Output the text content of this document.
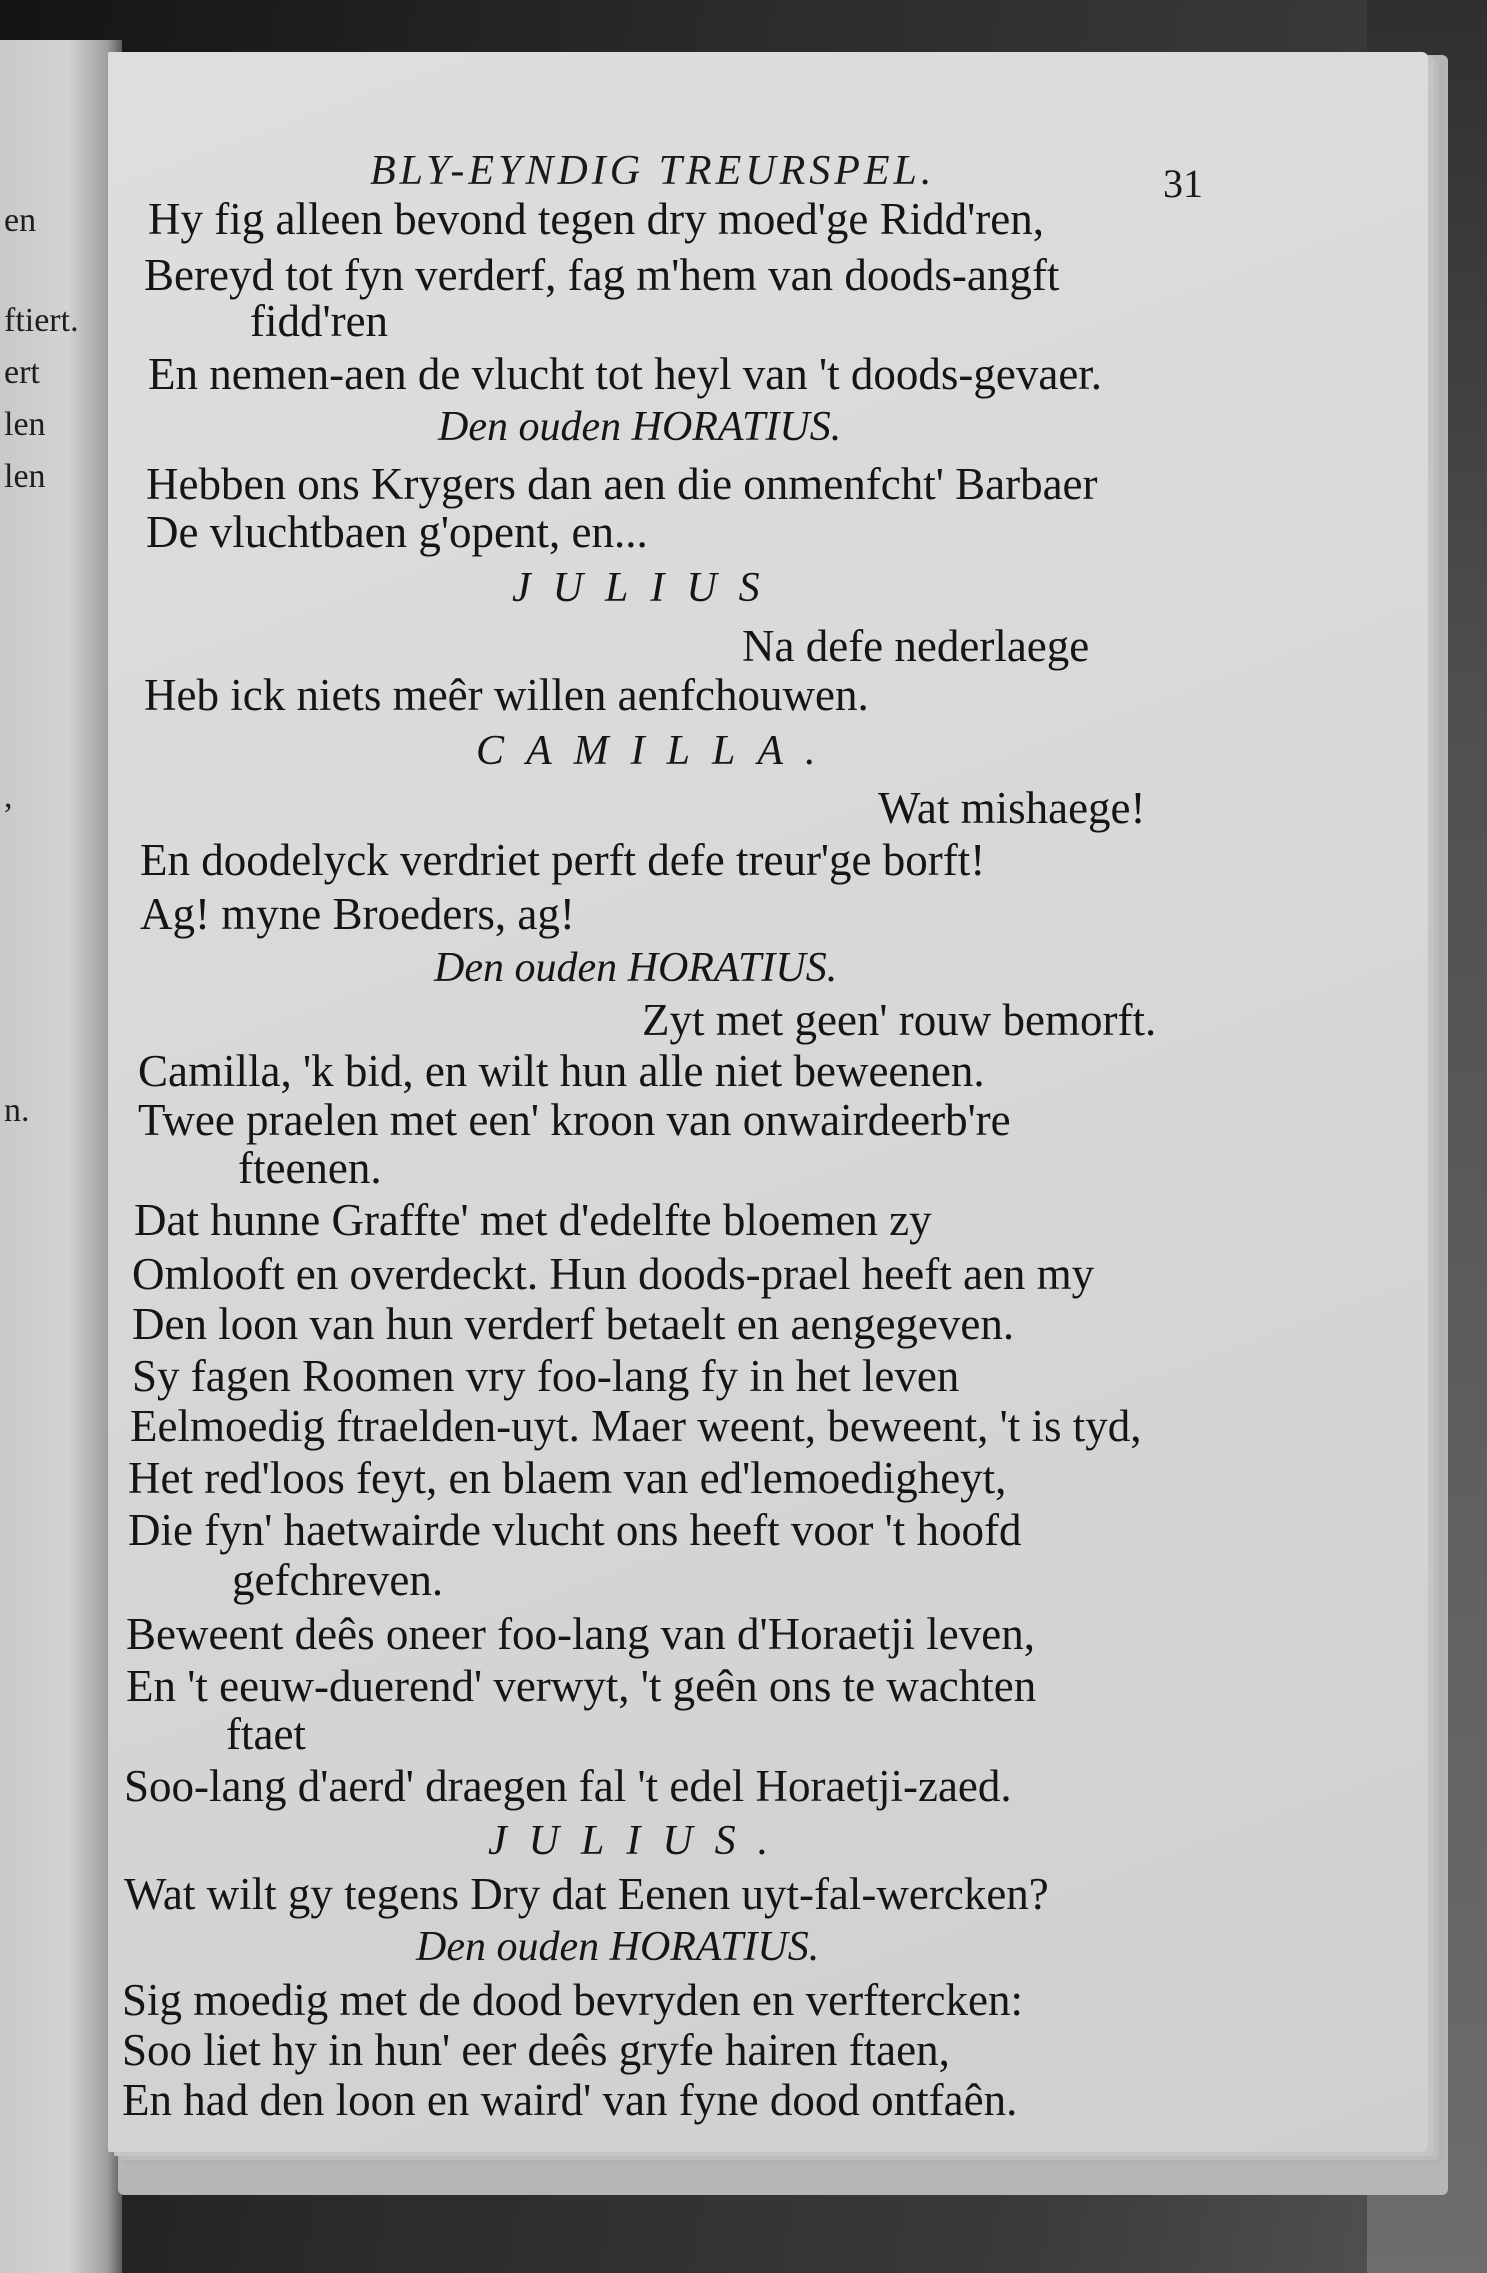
en
ftiert.
ert
len
len
,
n.
BLY-EYNDIG TREURSPEL.	31
Hy fig alleen bevond tegen dry moed'ge Ridd'ren,
Bereyd tot fyn verderf, fag m'hem van doods-angft
fidd'ren
En nemen-aen de vlucht tot heyl van 't doods-gevaer.
Den ouden HORATIUS.
Hebben ons Krygers dan aen die onmenfcht' Barbaer
De vluchtbaen g'opent, en...
JULIUS
Na defe nederlaege
Heb ick niets meêr willen aenfchouwen.
CAMILLA.
Wat mishaege!
En doodelyck verdriet perft defe treur'ge borft!
Ag! myne Broeders, ag!
Den ouden HORATIUS.
Zyt met geen' rouw bemorft.
Camilla, 'k bid, en wilt hun alle niet beweenen.
Twee praelen met een' kroon van onwairdeerb're
fteenen.
Dat hunne Graffte' met d'edelfte bloemen zy
Omlooft en overdeckt. Hun doods-prael heeft aen my
Den loon van hun verderf betaelt en aengegeven.
Sy fagen Roomen vry foo-lang fy in het leven
Eelmoedig ftraelden-uyt. Maer weent, beweent, 't is tyd,
Het red'loos feyt, en blaem van ed'lemoedigheyt,
Die fyn' haetwairde vlucht ons heeft voor 't hoofd
gefchreven.
Beweent deês oneer foo-lang van d'Horaetji leven,
En 't eeuw-duerend' verwyt, 't geên ons te wachten
ftaet
Soo-lang d'aerd' draegen fal 't edel Horaetji-zaed.
JULIUS.
Wat wilt gy tegens Dry dat Eenen uyt-fal-wercken?
Den ouden HORATIUS.
Sig moedig met de dood bevryden en verftercken:
Soo liet hy in hun' eer deês gryfe hairen ftaen,
En had den loon en waird' van fyne dood ontfaên.
